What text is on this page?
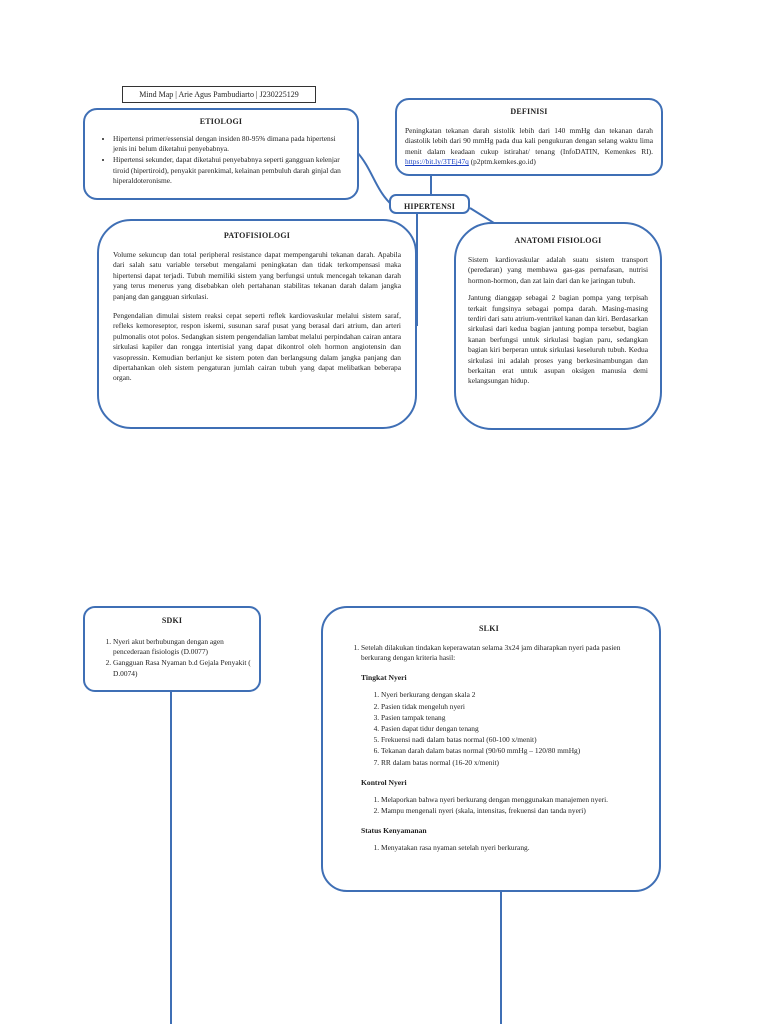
Mind Map | Arie Agus Pambudiarto | J230225129
ETIOLOGI
• Hipertensi primer/essensial dengan insiden 80-95% dimana pada hipertensi jenis ini belum diketahui penyebabnya.
• Hipertensi sekunder, dapat diketahui penyebabnya seperti gangguan kelenjar tiroid (hipertiroid), penyakit parenkimal, kelainan pembuluh darah ginjal dan hiperaldoteronisme.
DEFINISI

Peningkatan tekanan darah sistolik lebih dari 140 mmHg dan tekanan darah diastolik lebih dari 90 mmHg pada dua kali pengukuran dengan selang waktu lima menit dalam keadaan cukup istirahat/ tenang (InfoDATIN, Kemenkes RI). https://bit.ly/3TEj47q (p2ptm.kemkes.go.id)

HIPERTENSI
PATOFISIOLOGI

Volume sekuncup dan total peripheral resistance dapat mempengaruhi tekanan darah. Apabila dari salah satu variable tersebut mengalami peningkatan dan tidak terkompensasi maka hipertensi dapat terjadi. Tubuh memiliki sistem yang berfungsi untuk mencegah tekanan darah yang terus menerus yang disebabkan oleh pertahanan stabilitas tekanan darah dalam jangka panjang dan gangguan sirkulasi.

Pengendalian dimulai sistem reaksi cepat seperti reflek kardiovaskular melalui sistem saraf, refleks kemoreseptor, respon iskemi, susunan saraf pusat yang berasal dari atrium, dan arteri pulmonalis otot polos. Sedangkan sistem pengendalian lambat melalui perpindahan cairan antara sirkulasi kapiler dan rongga intertisial yang dapat dikontrol oleh hormon angiotensin dan vasopressin. Kemudian berlanjut ke sistem poten dan berlangsung dalam jangka panjang dan dipertahankan oleh sistem pengaturan jumlah cairan tubuh yang dapat melibatkan beberapa organ.

ANATOMI FISIOLOGI

Sistem kardiovaskular adalah suatu sistem transport (peredaran) yang membawa gas-gas pernafasan, nutrisi hormon-hormon, dan zat lain dari dan ke jaringan tubuh.

Jantung dianggap sebagai 2 bagian pompa yang terpisah terkait fungsinya sebagai pompa darah. Masing-masing terdiri dari satu atrium-ventrikel kanan dan kiri. Berdasarkan sirkulasi dari kedua bagian jantung pompa tersebut, bagian kanan berfungsi untuk sirkulasi bagian paru, sedangkan bagian kiri berperan untuk sirkulasi keseluruh tubuh. Kedua sirkulasi ini adalah proses yang berkesinambungan dan berkaitan erat untuk asupan oksigen manusia demi kelangsungan hidup.

SDKI
1. Nyeri akut berhubungan dengan agen pencederaan fisiologis (D.0077)
2. Gangguan Rasa Nyaman b.d Gejala Penyakit ( D.0074)
SLKI
1. Setelah dilakukan tindakan keperawatan selama 3x24 jam diharapkan nyeri pada pasien berkurang dengan kriteria hasil:
Tingkat Nyeri
1. Nyeri berkurang dengan skala 2
2. Pasien tidak mengeluh nyeri
3. Pasien tampak tenang
4. Pasien dapat tidur dengan tenang
5. Frekuensi nadi dalam batas normal (60-100 x/menit)
6. Tekanan darah dalam batas normal (90/60 mmHg – 120/80 mmHg)
7. RR dalam batas normal (16-20 x/menit)
Kontrol Nyeri
1. Melaporkan bahwa nyeri berkurang dengan menggunakan manajemen nyeri.
2. Mampu mengenali nyeri (skala, intensitas, frekuensi dan tanda nyeri)
Status Kenyamanan
1. Menyatakan rasa nyaman setelah nyeri berkurang.
